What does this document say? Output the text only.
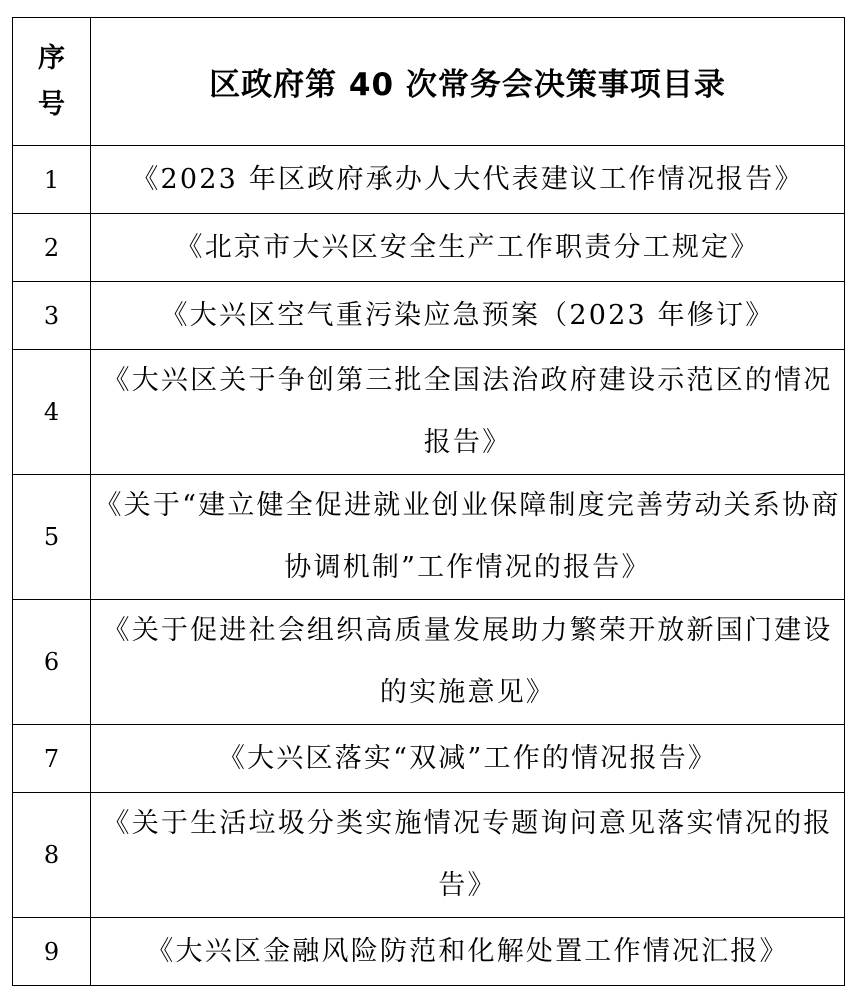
序号	区政府第 40 次常务会决策事项目录
1	《2023 年区政府承办人大代表建议工作情况报告》
2	《北京市大兴区安全生产工作职责分工规定》
3	《大兴区空气重污染应急预案（2023 年修订》
4	《大兴区关于争创第三批全国法治政府建设示范区的情况报告》
5	《关于“建立健全促进就业创业保障制度完善劳动关系协商协调机制”工作情况的报告》
6	《关于促进社会组织高质量发展助力繁荣开放新国门建设的实施意见》
7	《大兴区落实“双减”工作的情况报告》
8	《关于生活垃圾分类实施情况专题询问意见落实情况的报告》
9	《大兴区金融风险防范和化解处置工作情况汇报》
